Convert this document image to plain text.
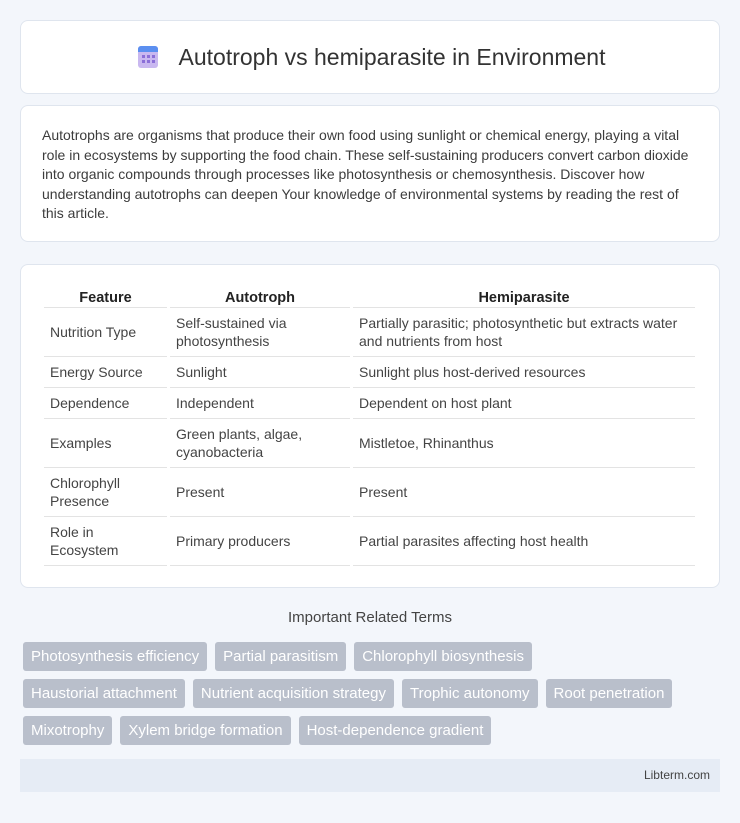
Autotroph vs hemiparasite in Environment

Autotrophs are organisms that produce their own food using sunlight or chemical energy, playing a vital role in ecosystems by supporting the food chain. These self-sustaining producers convert carbon dioxide into organic compounds through processes like photosynthesis or chemosynthesis. Discover how understanding autotrophs can deepen Your knowledge of environmental systems by reading the rest of this article.

Feature	Autotroph	Hemiparasite
Nutrition Type	Self-sustained via photosynthesis	Partially parasitic; photosynthetic but extracts water and nutrients from host
Energy Source	Sunlight	Sunlight plus host-derived resources
Dependence	Independent	Dependent on host plant
Examples	Green plants, algae, cyanobacteria	Mistletoe, Rhinanthus
Chlorophyll Presence	Present	Present
Role in Ecosystem	Primary producers	Partial parasites affecting host health
Important Related Terms
Photosynthesis efficiency	Partial parasitism	Chlorophyll biosynthesis
Haustorial attachment	Nutrient acquisition strategy	Trophic autonomy	Root penetration
Mixotrophy	Xylem bridge formation	Host-dependence gradient
Libterm.com
